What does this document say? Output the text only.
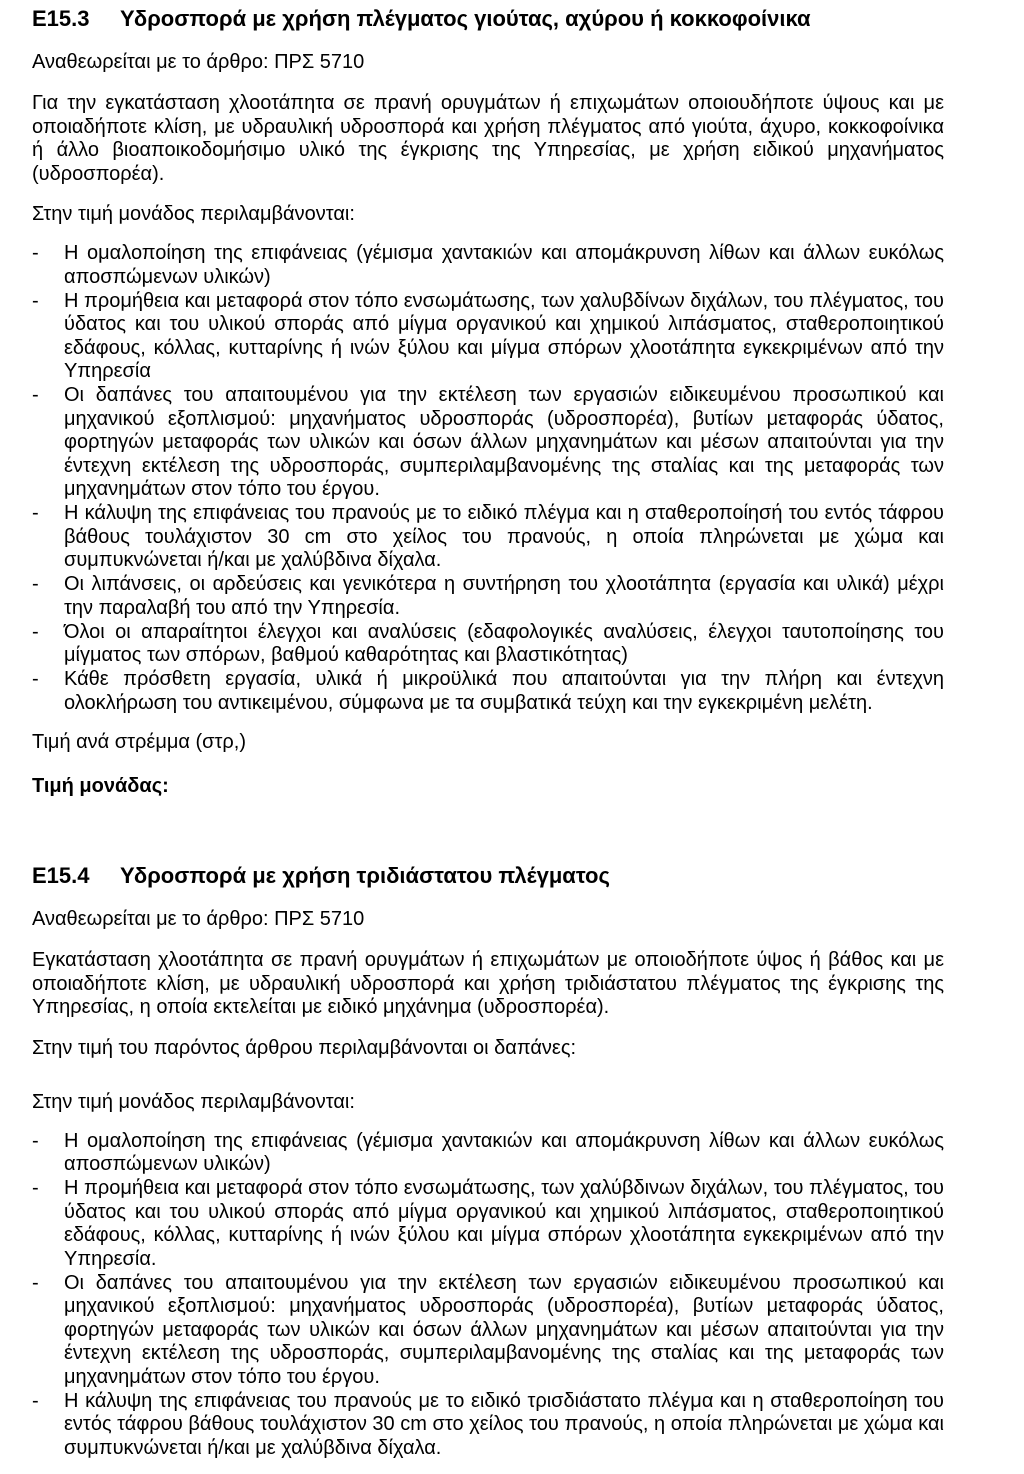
Ε15.3	Υδροσπορά με χρήση πλέγματος γιούτας, αχύρου ή κοκκοφοίνικα
Αναθεωρείται με το άρθρο: ΠΡΣ 5710
Για την εγκατάσταση χλοοτάπητα σε πρανή ορυγμάτων ή επιχωμάτων οποιουδήποτε ύψους και με οποιαδήποτε κλίση, με υδραυλική υδροσπορά και χρήση πλέγματος από γιούτα, άχυρο, κοκκοφοίνικα ή άλλο βιοαποικοδομήσιμο υλικό της έγκρισης της Υπηρεσίας, με χρήση ειδικού μηχανήματος (υδροσπορέα).
Στην τιμή μονάδος περιλαμβάνονται:
- Η ομαλοποίηση της επιφάνειας (γέμισμα χαντακιών και απομάκρυνση λίθων και άλλων ευκόλως αποσπώμενων υλικών)
- Η προμήθεια και μεταφορά στον τόπο ενσωμάτωσης, των χαλυβδίνων διχάλων, του πλέγματος, του ύδατος και του υλικού σποράς από μίγμα οργανικού και χημικού λιπάσματος, σταθεροποιητικού εδάφους, κόλλας, κυτταρίνης ή ινών ξύλου και μίγμα σπόρων χλοοτάπητα εγκεκριμένων από την Υπηρεσία
- Οι δαπάνες του απαιτουμένου για την εκτέλεση των εργασιών ειδικευμένου προσωπικού και μηχανικού εξοπλισμού: μηχανήματος υδροσποράς (υδροσπορέα), βυτίων μεταφοράς ύδατος, φορτηγών μεταφοράς των υλικών και όσων άλλων μηχανημάτων και μέσων απαιτούνται για την έντεχνη εκτέλεση της υδροσποράς, συμπεριλαμβανομένης της σταλίας και της μεταφοράς των μηχανημάτων στον τόπο του έργου.
- Η κάλυψη της επιφάνειας του πρανούς με το ειδικό πλέγμα και η σταθεροποίησή του εντός τάφρου βάθους τουλάχιστον 30 cm στο χείλος του πρανούς, η οποία πληρώνεται με χώμα και συμπυκνώνεται ή/και με χαλύβδινα δίχαλα.
- Οι λιπάνσεις, οι αρδεύσεις και γενικότερα η συντήρηση του χλοοτάπητα (εργασία και υλικά) μέχρι την παραλαβή του από την Υπηρεσία.
- Όλοι οι απαραίτητοι έλεγχοι και αναλύσεις (εδαφολογικές αναλύσεις, έλεγχοι ταυτοποίησης του μίγματος των σπόρων, βαθμού καθαρότητας και βλαστικότητας)
- Κάθε πρόσθετη εργασία, υλικά ή μικροϋλικά που απαιτούνται για την πλήρη και έντεχνη ολοκλήρωση του αντικειμένου, σύμφωνα με τα συμβατικά τεύχη και την εγκεκριμένη μελέτη.
Τιμή ανά στρέμμα (στρ,)
Τιμή μονάδας:
Ε15.4	Υδροσπορά με χρήση τριδιάστατου πλέγματος
Αναθεωρείται με το άρθρο: ΠΡΣ 5710
Εγκατάσταση χλοοτάπητα σε πρανή ορυγμάτων ή επιχωμάτων με οποιοδήποτε ύψος ή βάθος και με οποιαδήποτε κλίση, με υδραυλική υδροσπορά και χρήση τριδιάστατου πλέγματος της έγκρισης της Υπηρεσίας, η οποία εκτελείται με ειδικό μηχάνημα (υδροσπορέα).
Στην τιμή του παρόντος άρθρου περιλαμβάνονται οι δαπάνες:
Στην τιμή μονάδος περιλαμβάνονται:
- Η ομαλοποίηση της επιφάνειας (γέμισμα χαντακιών και απομάκρυνση λίθων και άλλων ευκόλως αποσπώμενων υλικών)
- Η προμήθεια και μεταφορά στον τόπο ενσωμάτωσης, των χαλύβδινων διχάλων, του πλέγματος, του ύδατος και του υλικού σποράς από μίγμα οργανικού και χημικού λιπάσματος, σταθεροποιητικού εδάφους, κόλλας, κυτταρίνης ή ινών ξύλου και μίγμα σπόρων χλοοτάπητα εγκεκριμένων από την Υπηρεσία.
- Οι δαπάνες του απαιτουμένου για την εκτέλεση των εργασιών ειδικευμένου προσωπικού και μηχανικού εξοπλισμού: μηχανήματος υδροσποράς (υδροσπορέα), βυτίων μεταφοράς ύδατος, φορτηγών μεταφοράς των υλικών και όσων άλλων μηχανημάτων και μέσων απαιτούνται για την έντεχνη εκτέλεση της υδροσποράς, συμπεριλαμβανομένης της σταλίας και της μεταφοράς των μηχανημάτων στον τόπο του έργου.
- Η κάλυψη της επιφάνειας του πρανούς με το ειδικό τρισδιάστατο πλέγμα και η σταθεροποίηση του εντός τάφρου βάθους τουλάχιστον 30 cm στο χείλος του πρανούς, η οποία πληρώνεται με χώμα και συμπυκνώνεται ή/και με χαλύβδινα δίχαλα.
